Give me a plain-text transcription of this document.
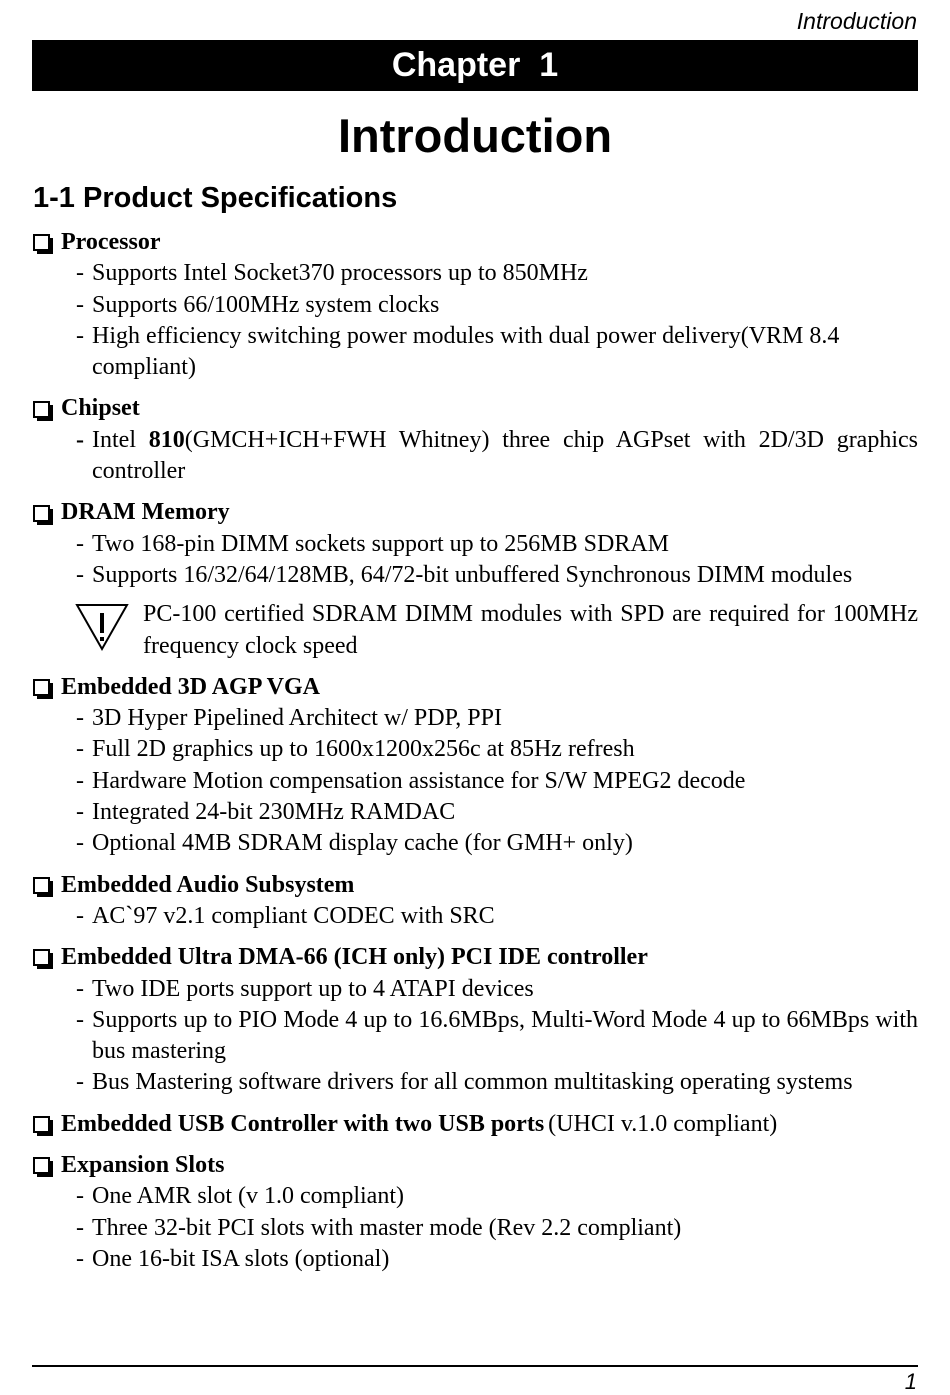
Introduction
Chapter  1
Introduction
1-1 Product Specifications
Processor
- Supports Intel Socket370 processors up to 850MHz
- Supports 66/100MHz system clocks
- High efficiency switching power modules with dual power delivery(VRM 8.4 compliant)
Chipset
- Intel 810(GMCH+ICH+FWH Whitney) three chip AGPset with 2D/3D graphics controller
DRAM Memory
- Two 168-pin DIMM sockets support up to 256MB SDRAM
- Supports 16/32/64/128MB, 64/72-bit unbuffered Synchronous DIMM modules
PC-100 certified SDRAM DIMM modules with SPD are required for 100MHz frequency clock speed
Embedded 3D AGP VGA
- 3D Hyper Pipelined Architect w/ PDP, PPI
- Full 2D graphics up to 1600x1200x256c at 85Hz refresh
- Hardware Motion compensation assistance for S/W MPEG2 decode
- Integrated 24-bit 230MHz RAMDAC
- Optional 4MB SDRAM display cache (for GMH+ only)
Embedded Audio Subsystem
- AC`97 v2.1 compliant CODEC with SRC
Embedded Ultra DMA-66 (ICH only) PCI IDE controller
- Two IDE ports support up to 4 ATAPI devices
- Supports up to PIO Mode 4 up to 16.6MBps, Multi-Word Mode 4 up to 66MBps with bus mastering
- Bus Mastering software drivers for all common multitasking operating systems
Embedded USB Controller with two USB ports (UHCI v.1.0 compliant)
Expansion Slots
- One AMR slot (v 1.0 compliant)
- Three 32-bit PCI slots with master mode (Rev 2.2 compliant)
- One 16-bit ISA slots (optional)
1
